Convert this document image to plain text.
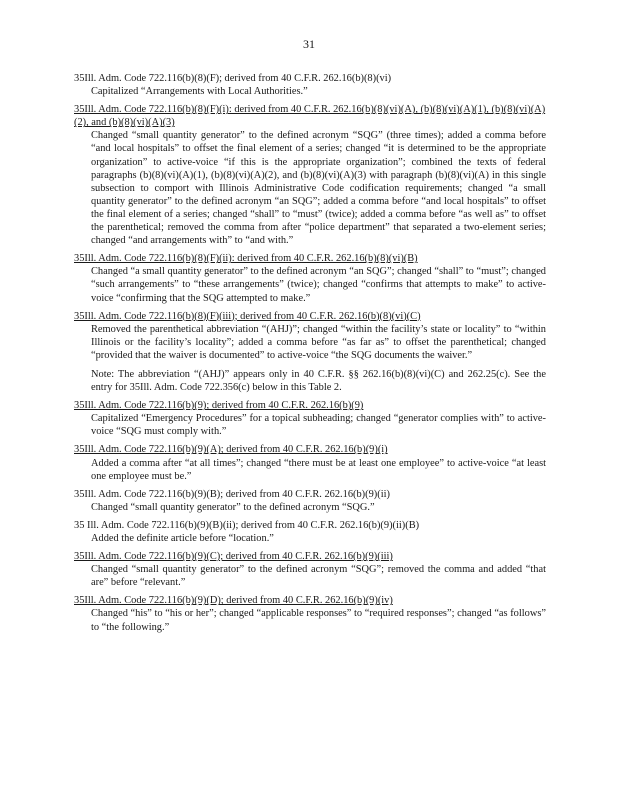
31
35Ill. Adm. Code 722.116(b)(8)(F); derived from 40 C.F.R. 262.16(b)(8)(vi)
Capitalized “Arrangements with Local Authorities.”
35Ill. Adm. Code 722.116(b)(8)(F)(i): derived from 40 C.F.R. 262.16(b)(8)(vi)(A), (b)(8)(vi)(A)(1), (b)(8)(vi)(A)(2), and (b)(8)(vi)(A)(3)
Changed “small quantity generator” to the defined acronym “SQG” (three times); added a comma before “and local hospitals” to offset the final element of a series; changed “it is determined to be the appropriate organization” to active-voice “if this is the appropriate organization”; combined the texts of federal paragraphs (b)(8)(vi)(A)(1), (b)(8)(vi)(A)(2), and (b)(8)(vi)(A)(3) with paragraph (b)(8)(vi)(A) in this single subsection to comport with Illinois Administrative Code codification requirements; changed “a small quantity generator” to the defined acronym “an SQG”; added a comma before “and local hospitals” to offset the final element of a series; changed “shall” to “must” (twice); added a comma before “as well as” to offset the parenthetical; removed the comma from after “police department” that separated a two-element series; changed “and arrangements with” to “and with.”
35Ill. Adm. Code 722.116(b)(8)(F)(ii): derived from 40 C.F.R. 262.16(b)(8)(vi)(B)
Changed “a small quantity generator” to the defined acronym “an SQG”; changed “shall” to “must”; changed “such arrangements” to “these arrangements” (twice); changed “confirms that attempts to make” to active-voice “confirming that the SQG attempted to make.”
35Ill. Adm. Code 722.116(b)(8)(F)(iii); derived from 40 C.F.R. 262.16(b)(8)(vi)(C)
Removed the parenthetical abbreviation “(AHJ)”; changed “within the facility’s state or locality” to “within Illinois or the facility’s locality”; added a comma before “as far as” to offset the parenthetical; changed “provided that the waiver is documented” to active-voice “the SQG documents the waiver.”
Note: The abbreviation “(AHJ)” appears only in 40 C.F.R. §§ 262.16(b)(8)(vi)(C) and 262.25(c). See the entry for 35Ill. Adm. Code 722.356(c) below in this Table 2.
35Ill. Adm. Code 722.116(b)(9); derived from 40 C.F.R. 262.16(b)(9)
Capitalized “Emergency Procedures” for a topical subheading; changed “generator complies with” to active-voice “SQG must comply with.”
35Ill. Adm. Code 722.116(b)(9)(A); derived from 40 C.F.R. 262.16(b)(9)(i)
Added a comma after “at all times”; changed “there must be at least one employee” to active-voice “at least one employee must be.”
35Ill. Adm. Code 722.116(b)(9)(B); derived from 40 C.F.R. 262.16(b)(9)(ii)
Changed “small quantity generator” to the defined acronym “SQG.”
35 Ill. Adm. Code 722.116(b)(9)(B)(ii); derived from 40 C.F.R. 262.16(b)(9)(ii)(B)
Added the definite article before “location.”
35Ill. Adm. Code 722.116(b)(9)(C); derived from 40 C.F.R. 262.16(b)(9)(iii)
Changed “small quantity generator” to the defined acronym “SQG”; removed the comma and added “that are” before “relevant.”
35Ill. Adm. Code 722.116(b)(9)(D); derived from 40 C.F.R. 262.16(b)(9)(iv)
Changed “his” to “his or her”; changed “applicable responses” to “required responses”; changed “as follows” to “the following.”
